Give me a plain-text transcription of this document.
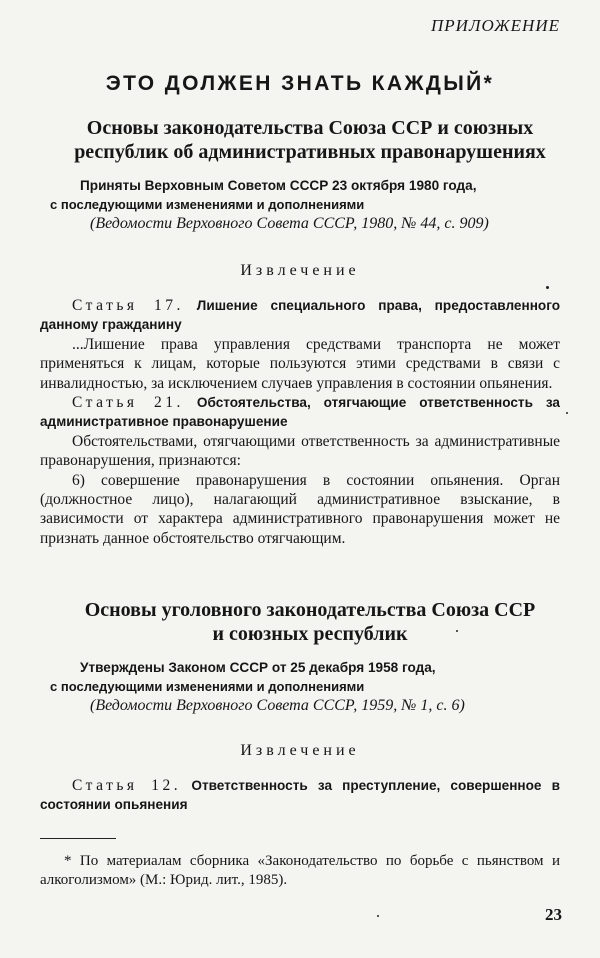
ПРИЛОЖЕНИЕ
ЭТО ДОЛЖЕН ЗНАТЬ КАЖДЫЙ*
Основы законодательства Союза ССР и союзных
республик об административных правонарушениях
Приняты Верховным Советом СССР 23 октября 1980 года,
с последующими изменениями и дополнениями
(Ведомости Верховного Совета СССР, 1980, № 44, с. 909)
Извлечение

Статья 17. Лишение специального права, предоставленного данному гражданину

...Лишение права управления средствами транспорта не может применяться к лицам, которые пользуются этими средствами в связи с инвалидностью, за исключением случаев управления в состоянии опьянения.

Статья 21. Обстоятельства, отягчающие ответственность за административное правонарушение

Обстоятельствами, отягчающими ответственность за административные правонарушения, признаются:

6) совершение правонарушения в состоянии опьянения. Орган (должностное лицо), налагающий административное взыскание, в зависимости от характера административного правонарушения может не признать данное обстоятельство отягчающим.

Основы уголовного законодательства Союза ССР
и союзных республик
Утверждены Законом СССР от 25 декабря 1958 года,
с последующими изменениями и дополнениями
(Ведомости Верховного Совета СССР, 1959, № 1, с. 6)
Извлечение

Статья 12. Ответственность за преступление, совершенное в состоянии опьянения

* По материалам сборника «Законодательство по борьбе с пьянством и алкоголизмом» (М.: Юрид. лит., 1985).

23
